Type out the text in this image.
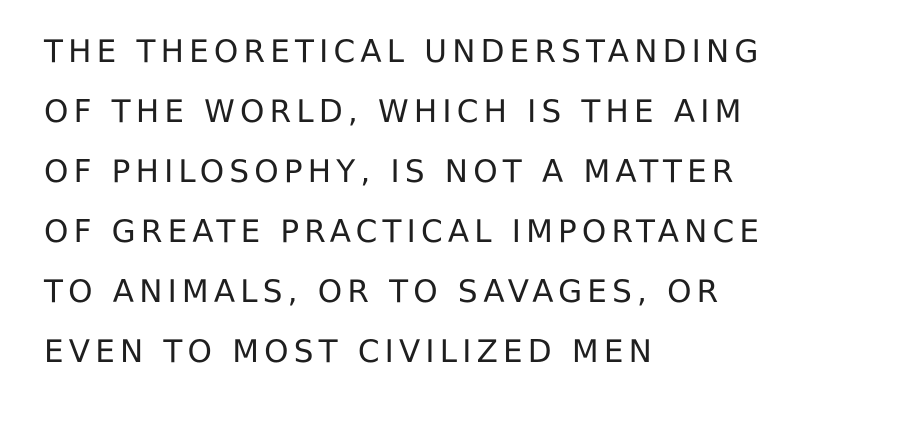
THE THEORETICAL UNDERSTANDING
OF THE WORLD, WHICH IS THE AIM
OF PHILOSOPHY, IS NOT A MATTER
OF GREATE PRACTICAL IMPORTANCE
TO ANIMALS, OR TO SAVAGES, OR
EVEN TO MOST CIVILIZED MEN
